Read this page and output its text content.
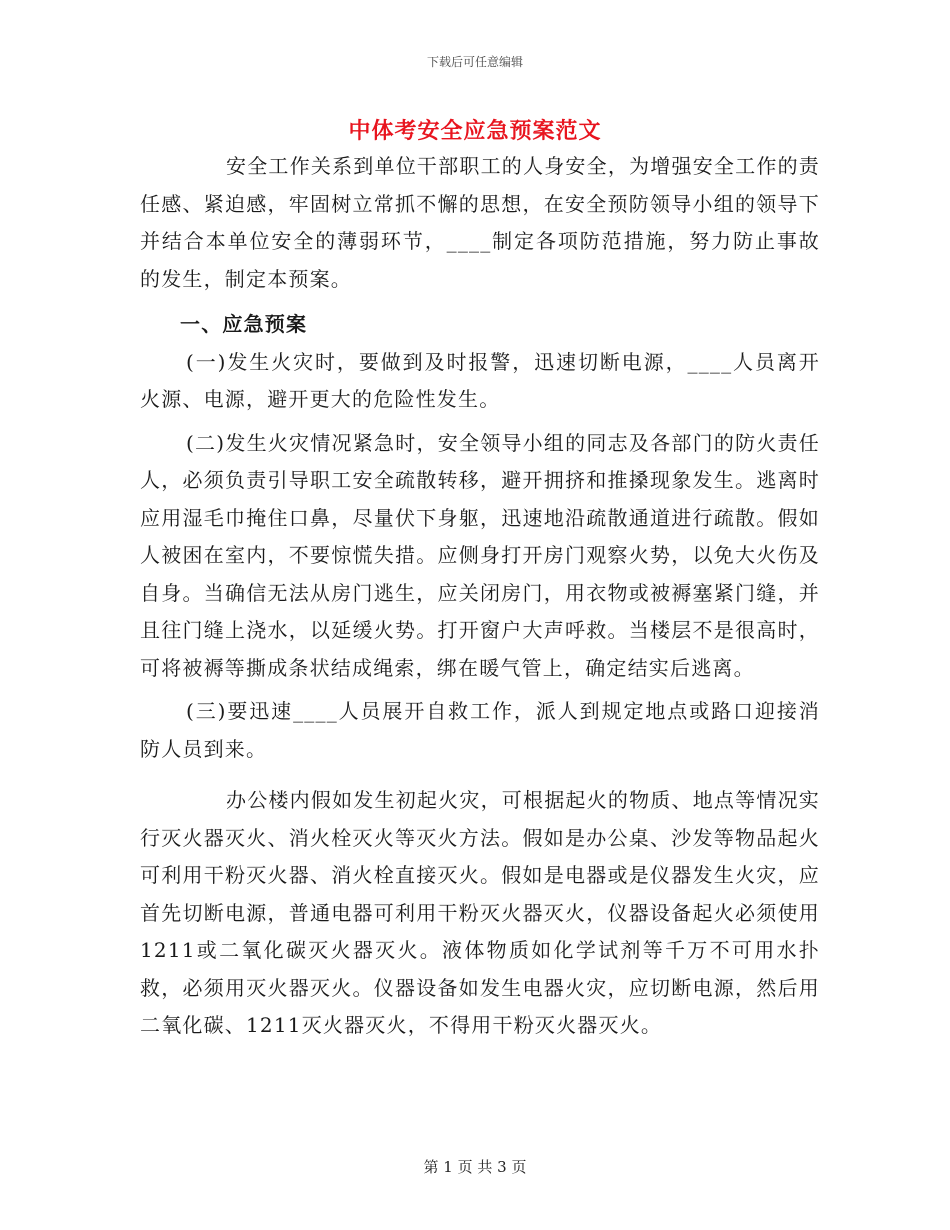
下载后可任意编辑
中体考安全应急预案范文

安全工作关系到单位干部职工的人身安全，为增强安全工作的责任感、紧迫感，牢固树立常抓不懈的思想，在安全预防领导小组的领导下并结合本单位安全的薄弱环节，____制定各项防范措施，努力防止事故的发生，制定本预案。

一、应急预案

(一)发生火灾时，要做到及时报警，迅速切断电源，____人员离开火源、电源，避开更大的危险性发生。

(二)发生火灾情况紧急时，安全领导小组的同志及各部门的防火责任人，必须负责引导职工安全疏散转移，避开拥挤和推搡现象发生。逃离时应用湿毛巾掩住口鼻，尽量伏下身躯，迅速地沿疏散通道进行疏散。假如人被困在室内，不要惊慌失措。应侧身打开房门观察火势，以免大火伤及自身。当确信无法从房门逃生，应关闭房门，用衣物或被褥塞紧门缝，并且往门缝上浇水，以延缓火势。打开窗户大声呼救。当楼层不是很高时，可将被褥等撕成条状结成绳索，绑在暖气管上，确定结实后逃离。

(三)要迅速____人员展开自救工作，派人到规定地点或路口迎接消防人员到来。

办公楼内假如发生初起火灾，可根据起火的物质、地点等情况实行灭火器灭火、消火栓灭火等灭火方法。假如是办公桌、沙发等物品起火可利用干粉灭火器、消火栓直接灭火。假如是电器或是仪器发生火灾，应首先切断电源，普通电器可利用干粉灭火器灭火，仪器设备起火必须使用1211或二氧化碳灭火器灭火。液体物质如化学试剂等千万不可用水扑救，必须用灭火器灭火。仪器设备如发生电器火灾，应切断电源，然后用二氧化碳、1211灭火器灭火，不得用干粉灭火器灭火。

第 1 页 共 3 页
